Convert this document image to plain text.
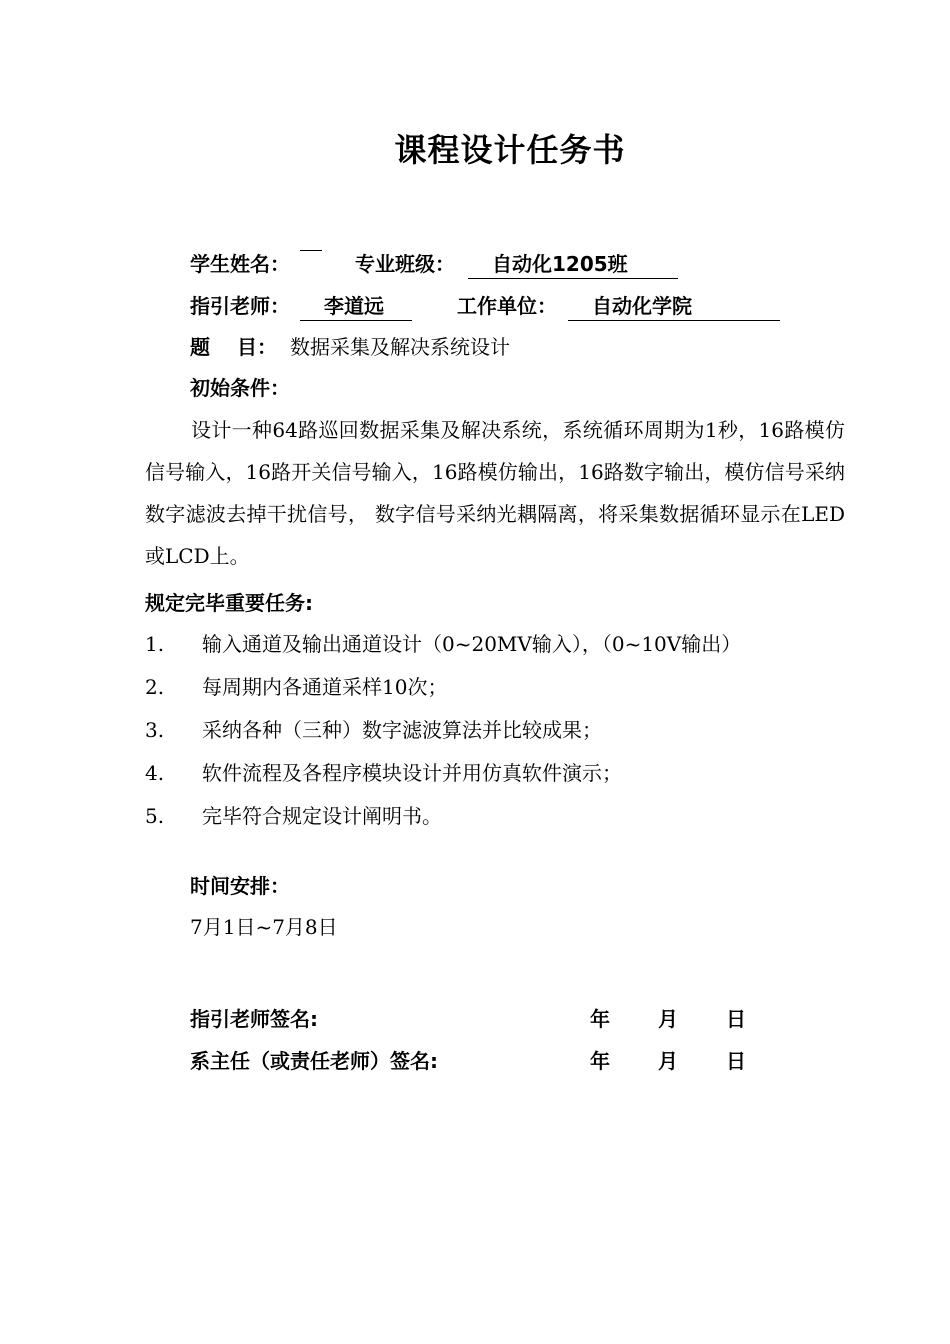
课程设计任务书
学生姓名：	专业班级：	自动化1205班
指引老师：	李道远	工作单位：	自动化学院
题　 目： 数据采集及解决系统设计
初始条件：
设计一种64路巡回数据采集及解决系统，系统循环周期为1秒，16路模仿信号输入，16路开关信号输入，16路模仿输出，16路数字输出，模仿信号采纳数字滤波去掉干扰信号， 数字信号采纳光耦隔离，将采集数据循环显示在LED或LCD上。
规定完毕重要任务:
1. 输入通道及输出通道设计（0~20MV输入），（0~10V输出）
2. 每周期内各通道采样10次；
3. 采纳各种（三种）数字滤波算法并比较成果；
4. 软件流程及各程序模块设计并用仿真软件演示；
5. 完毕符合规定设计阐明书。
时间安排：
7月1日~7月8日
指引老师签名:	年 月 日
系主任（或责任老师）签名:	年 月 日
